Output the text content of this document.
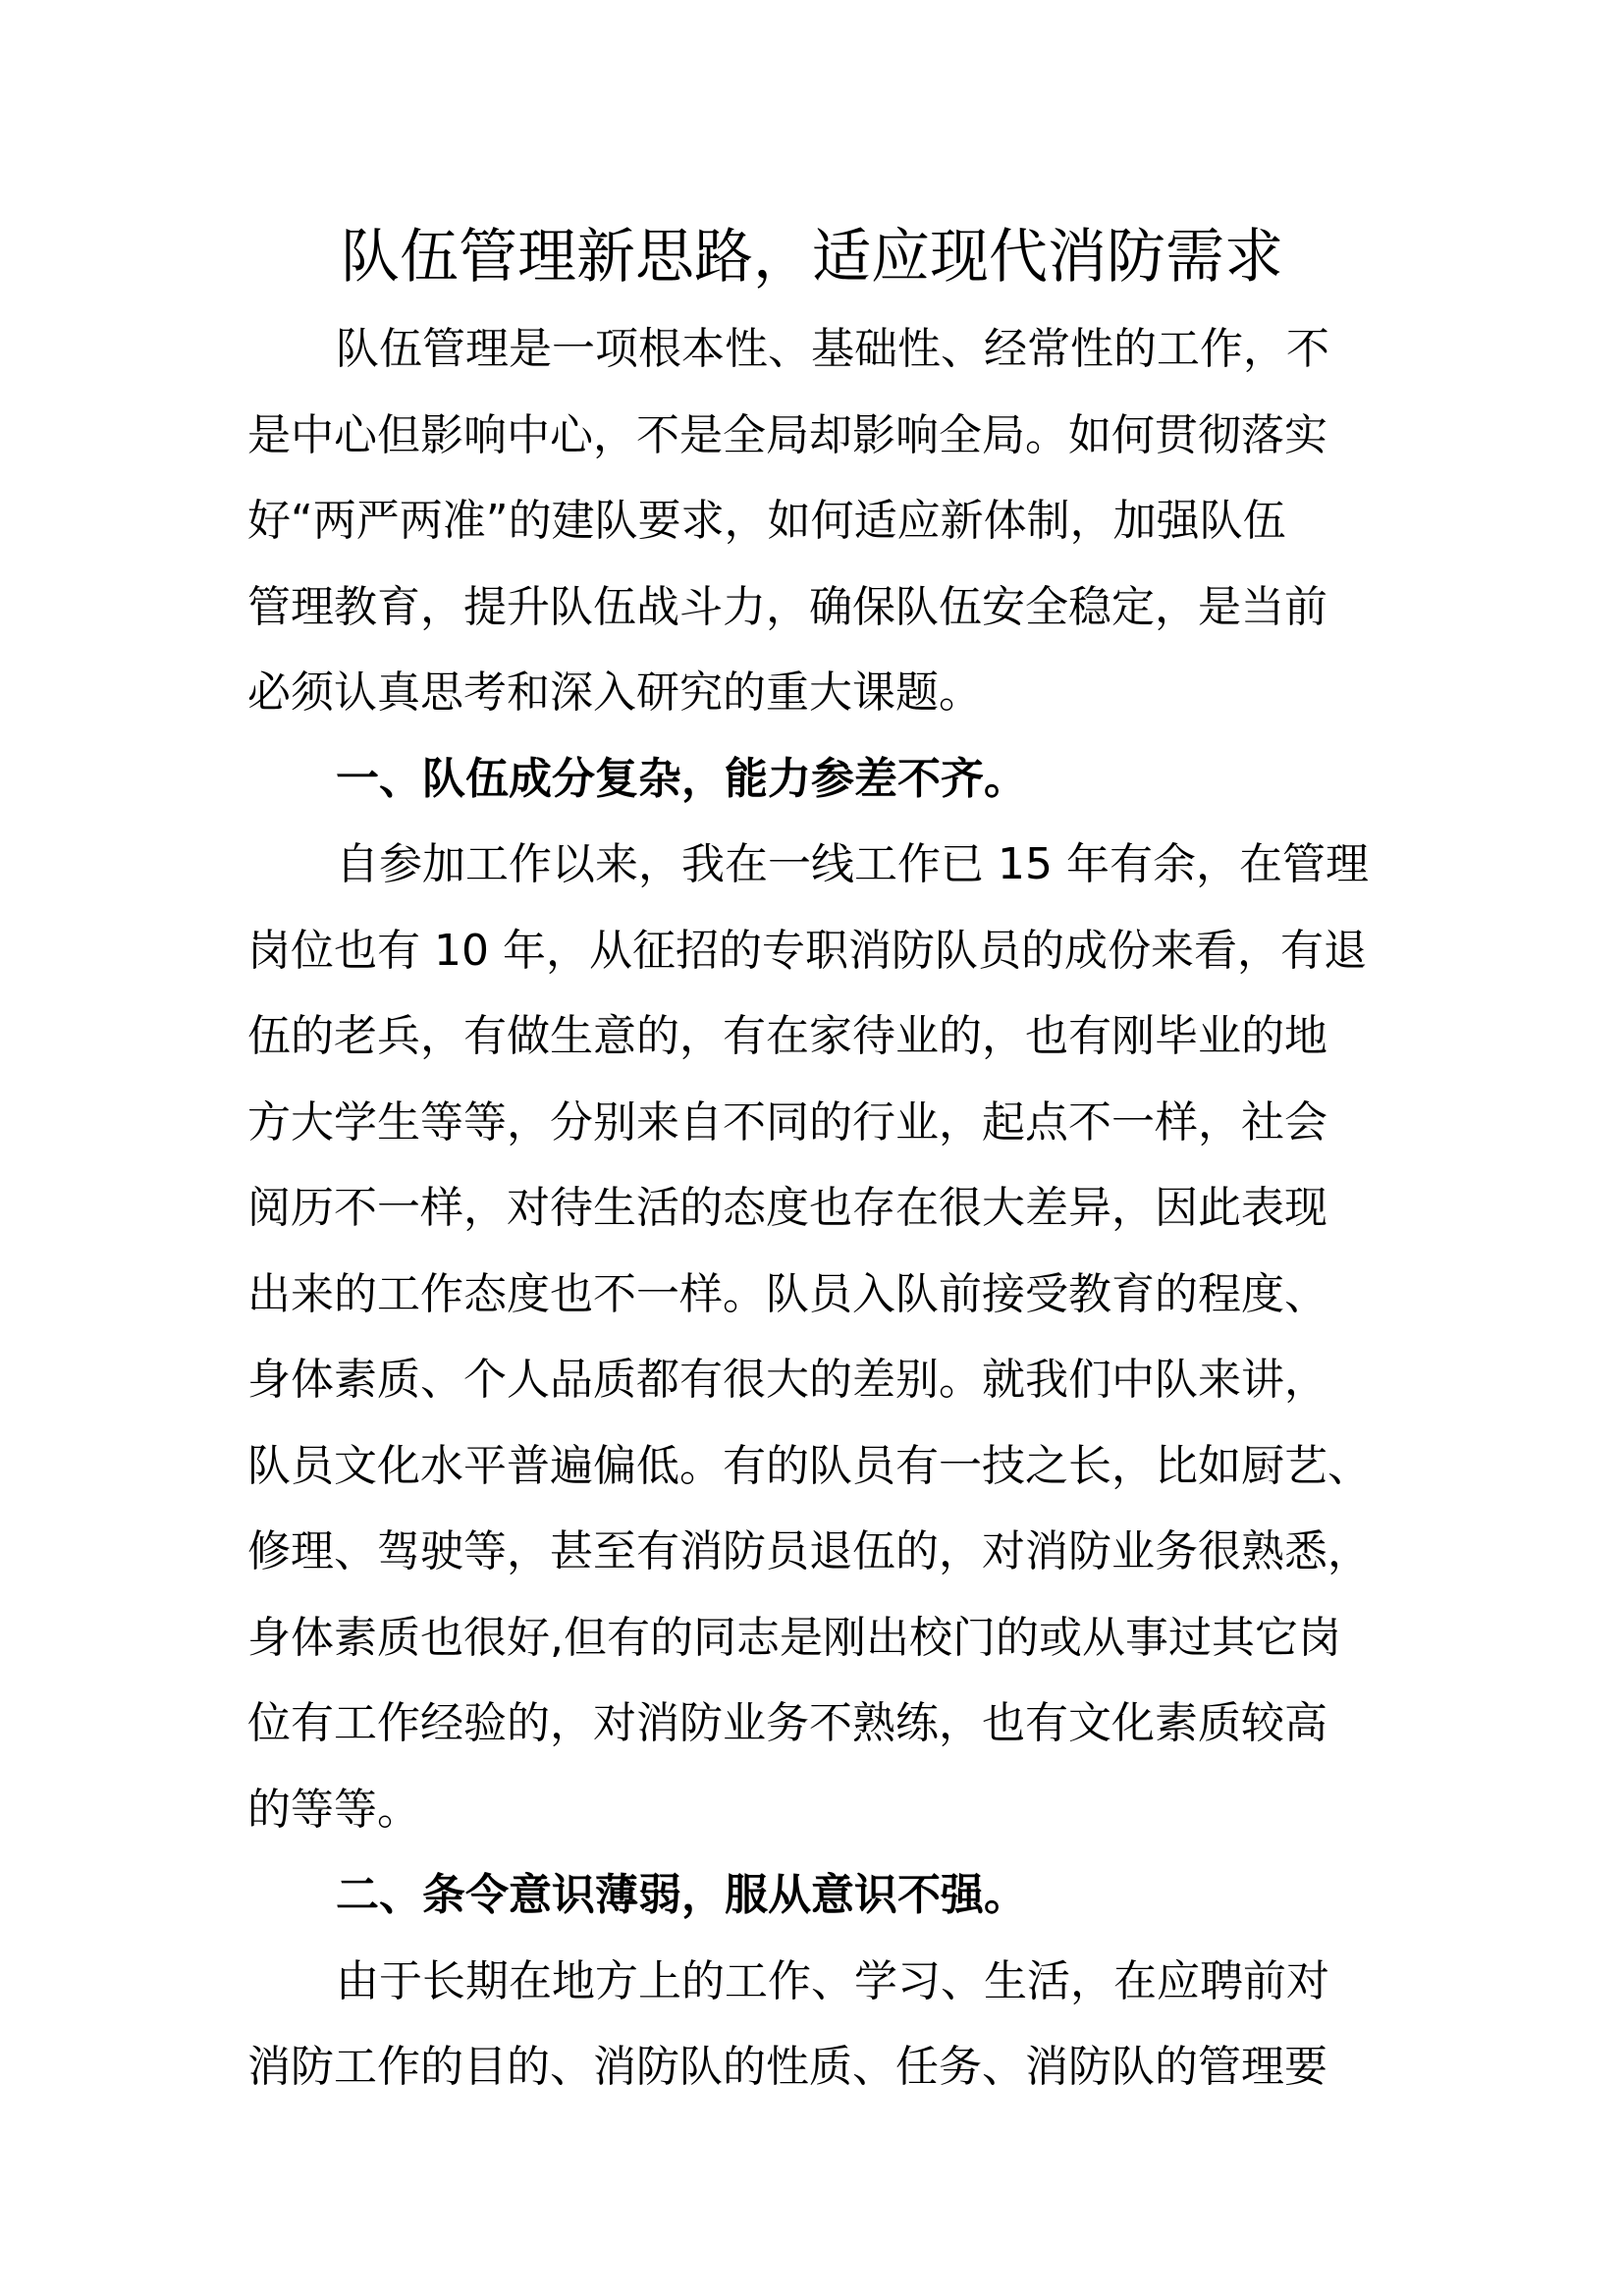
队伍管理新思路，适应现代消防需求
队伍管理是一项根本性、基础性、经常性的工作，不
是中心但影响中心，不是全局却影响全局。如何贯彻落实
好“两严两准”的建队要求，如何适应新体制，加强队伍
管理教育，提升队伍战斗力，确保队伍安全稳定，是当前
必须认真思考和深入研究的重大课题。
一、队伍成分复杂，能力参差不齐。
自参加工作以来，我在一线工作已 15 年有余，在管理
岗位也有 10 年，从征招的专职消防队员的成份来看，有退
伍的老兵，有做生意的，有在家待业的，也有刚毕业的地
方大学生等等，分别来自不同的行业，起点不一样，社会
阅历不一样，对待生活的态度也存在很大差异，因此表现
出来的工作态度也不一样。队员入队前接受教育的程度、
身体素质、个人品质都有很大的差别。就我们中队来讲，
队员文化水平普遍偏低。有的队员有一技之长，比如厨艺、
修理、驾驶等，甚至有消防员退伍的，对消防业务很熟悉，
身体素质也很好,但有的同志是刚出校门的或从事过其它岗
位有工作经验的，对消防业务不熟练，也有文化素质较高
的等等。
二、条令意识薄弱，服从意识不强。
由于长期在地方上的工作、学习、生活，在应聘前对
消防工作的目的、消防队的性质、任务、消防队的管理要
